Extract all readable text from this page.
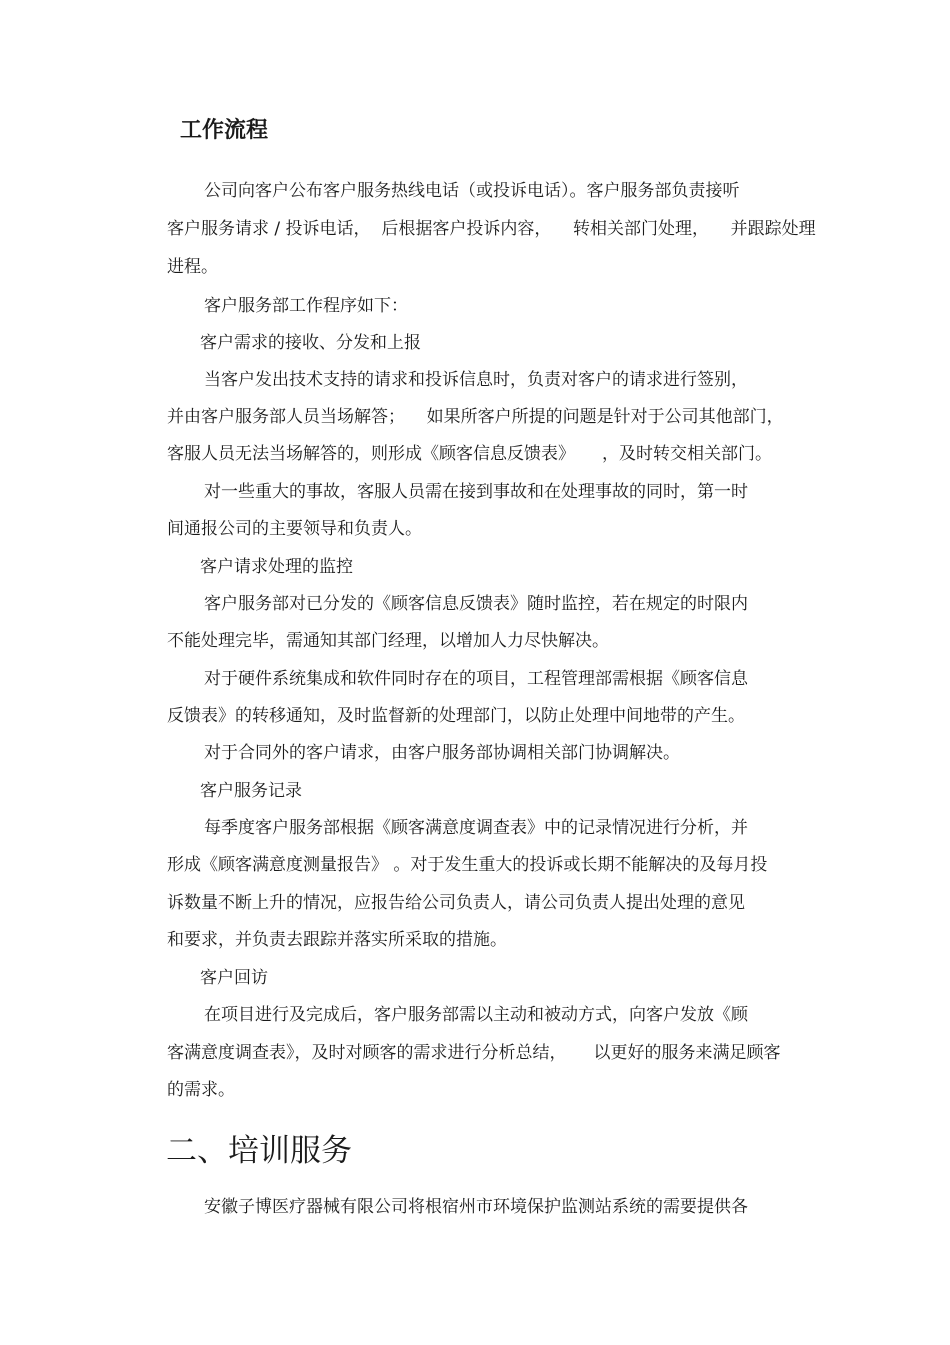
工作流程

公司向客户公布客户服务热线电话（或投诉电话）。客户服务部负责接听

客户服务请求 / 投诉电话，  后根据客户投诉内容，    转相关部门处理，    并跟踪处理

进程。

客户服务部工作程序如下：

客户需求的接收、分发和上报

当客户发出技术支持的请求和投诉信息时，负责对客户的请求进行签别，

并由客户服务部人员当场解答；    如果所客户所提的问题是针对于公司其他部门，

客服人员无法当场解答的，则形成《顾客信息反馈表》     ，及时转交相关部门。

对一些重大的事故，客服人员需在接到事故和在处理事故的同时，第一时

间通报公司的主要领导和负责人。

客户请求处理的监控

客户服务部对已分发的《顾客信息反馈表》随时监控，若在规定的时限内

不能处理完毕，需通知其部门经理，以增加人力尽快解决。

对于硬件系统集成和软件同时存在的项目，工程管理部需根据《顾客信息

反馈表》的转移通知，及时监督新的处理部门，以防止处理中间地带的产生。

对于合同外的客户请求，由客户服务部协调相关部门协调解决。

客户服务记录

每季度客户服务部根据《顾客满意度调查表》中的记录情况进行分析，并

形成《顾客满意度测量报告》 。对于发生重大的投诉或长期不能解决的及每月投

诉数量不断上升的情况，应报告给公司负责人，请公司负责人提出处理的意见

和要求，并负责去跟踪并落实所采取的措施。

客户回访

在项目进行及完成后，客户服务部需以主动和被动方式，向客户发放《顾

客满意度调查表》，及时对顾客的需求进行分析总结，     以更好的服务来满足顾客

的需求。

二、培训服务

安徽子博医疗器械有限公司将根宿州市环境保护监测站系统的需要提供各
